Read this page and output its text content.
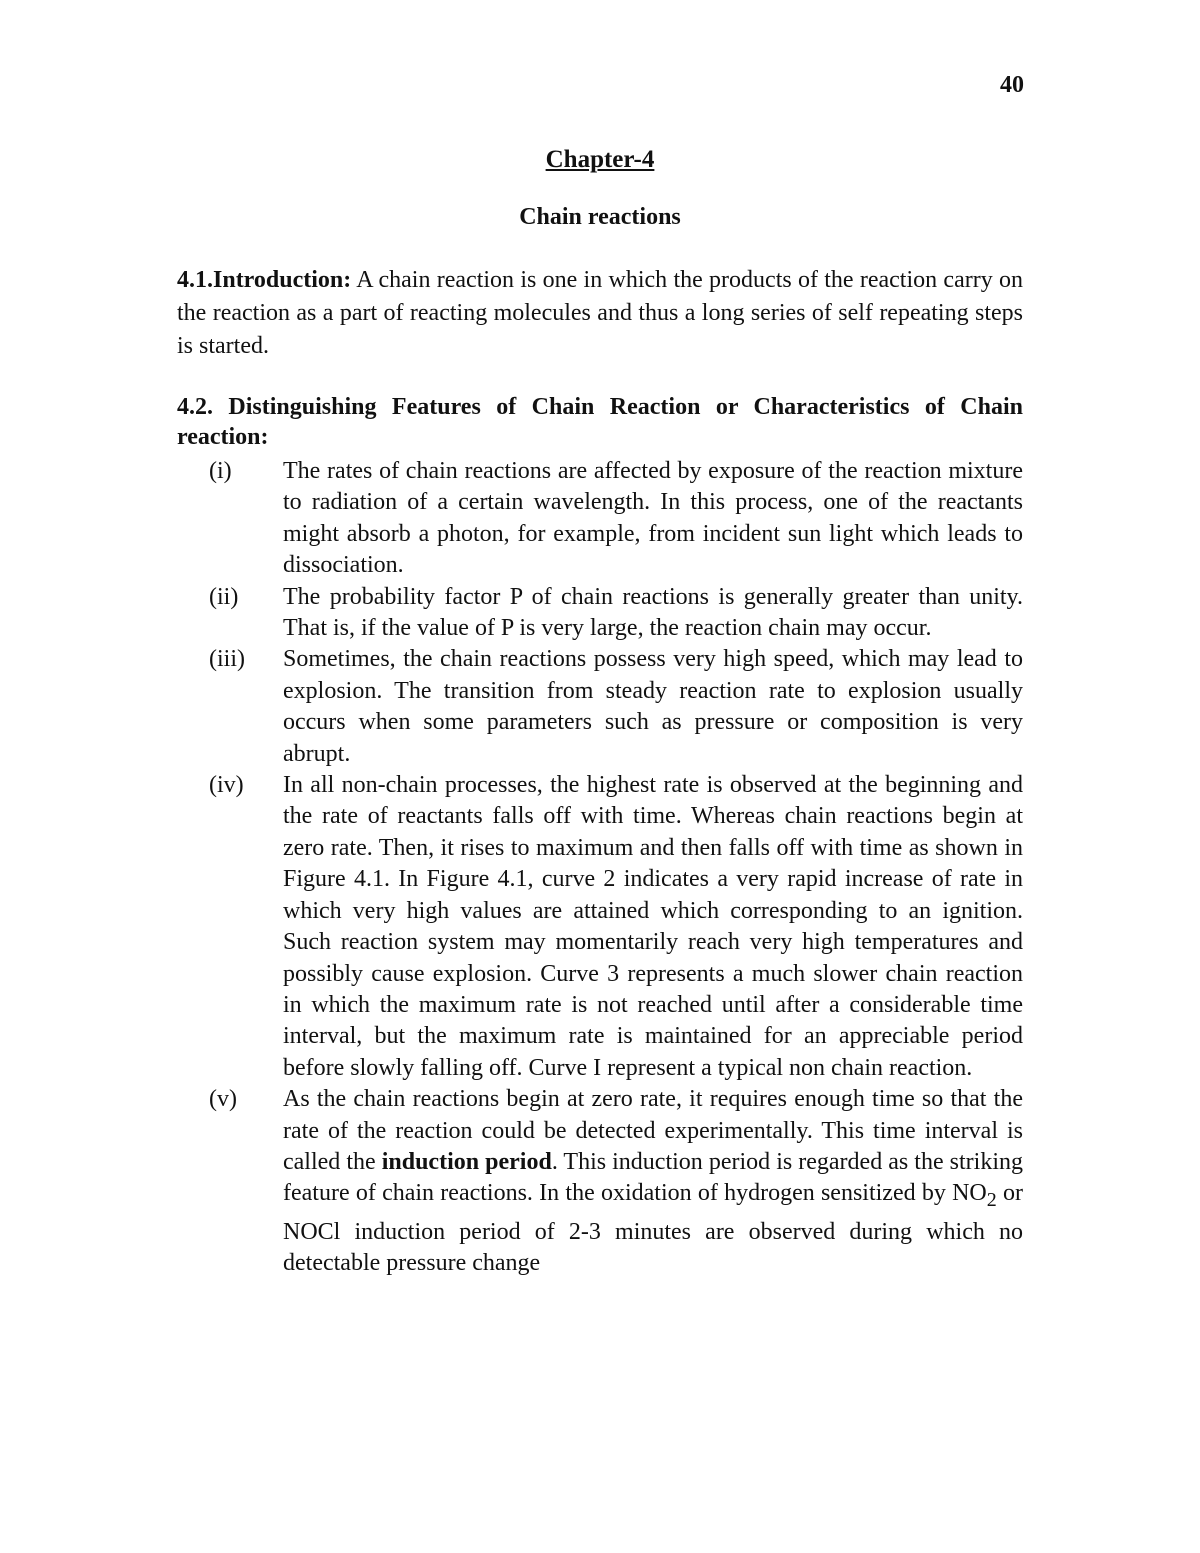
40
Chapter-4
Chain reactions

4.1.Introduction: A chain reaction is one in which the products of the reaction carry on the reaction as a part of reacting molecules and thus a long series of self repeating steps is started.

4.2. Distinguishing Features of Chain Reaction or Characteristics of Chain reaction:
(i) The rates of chain reactions are affected by exposure of the reaction mixture to radiation of a certain wavelength. In this process, one of the reactants might absorb a photon, for example, from incident sun light which leads to dissociation.
(ii) The probability factor P of chain reactions is generally greater than unity. That is, if the value of P is very large, the reaction chain may occur.
(iii) Sometimes, the chain reactions possess very high speed, which may lead to explosion. The transition from steady reaction rate to explosion usually occurs when some parameters such as pressure or composition is very abrupt.
(iv) In all non-chain processes, the highest rate is observed at the beginning and the rate of reactants falls off with time. Whereas chain reactions begin at zero rate. Then, it rises to maximum and then falls off with time as shown in Figure 4.1. In Figure 4.1, curve 2 indicates a very rapid increase of rate in which very high values are attained which corresponding to an ignition. Such reaction system may momentarily reach very high temperatures and possibly cause explosion. Curve 3 represents a much slower chain reaction in which the maximum rate is not reached until after a considerable time interval, but the maximum rate is maintained for an appreciable period before slowly falling off. Curve I represent a typical non chain reaction.
(v) As the chain reactions begin at zero rate, it requires enough time so that the rate of the reaction could be detected experimentally. This time interval is called the induction period. This induction period is regarded as the striking feature of chain reactions. In the oxidation of hydrogen sensitized by $NO_2$ or NOCl induction period of 2-3 minutes are observed during which no detectable pressure change
